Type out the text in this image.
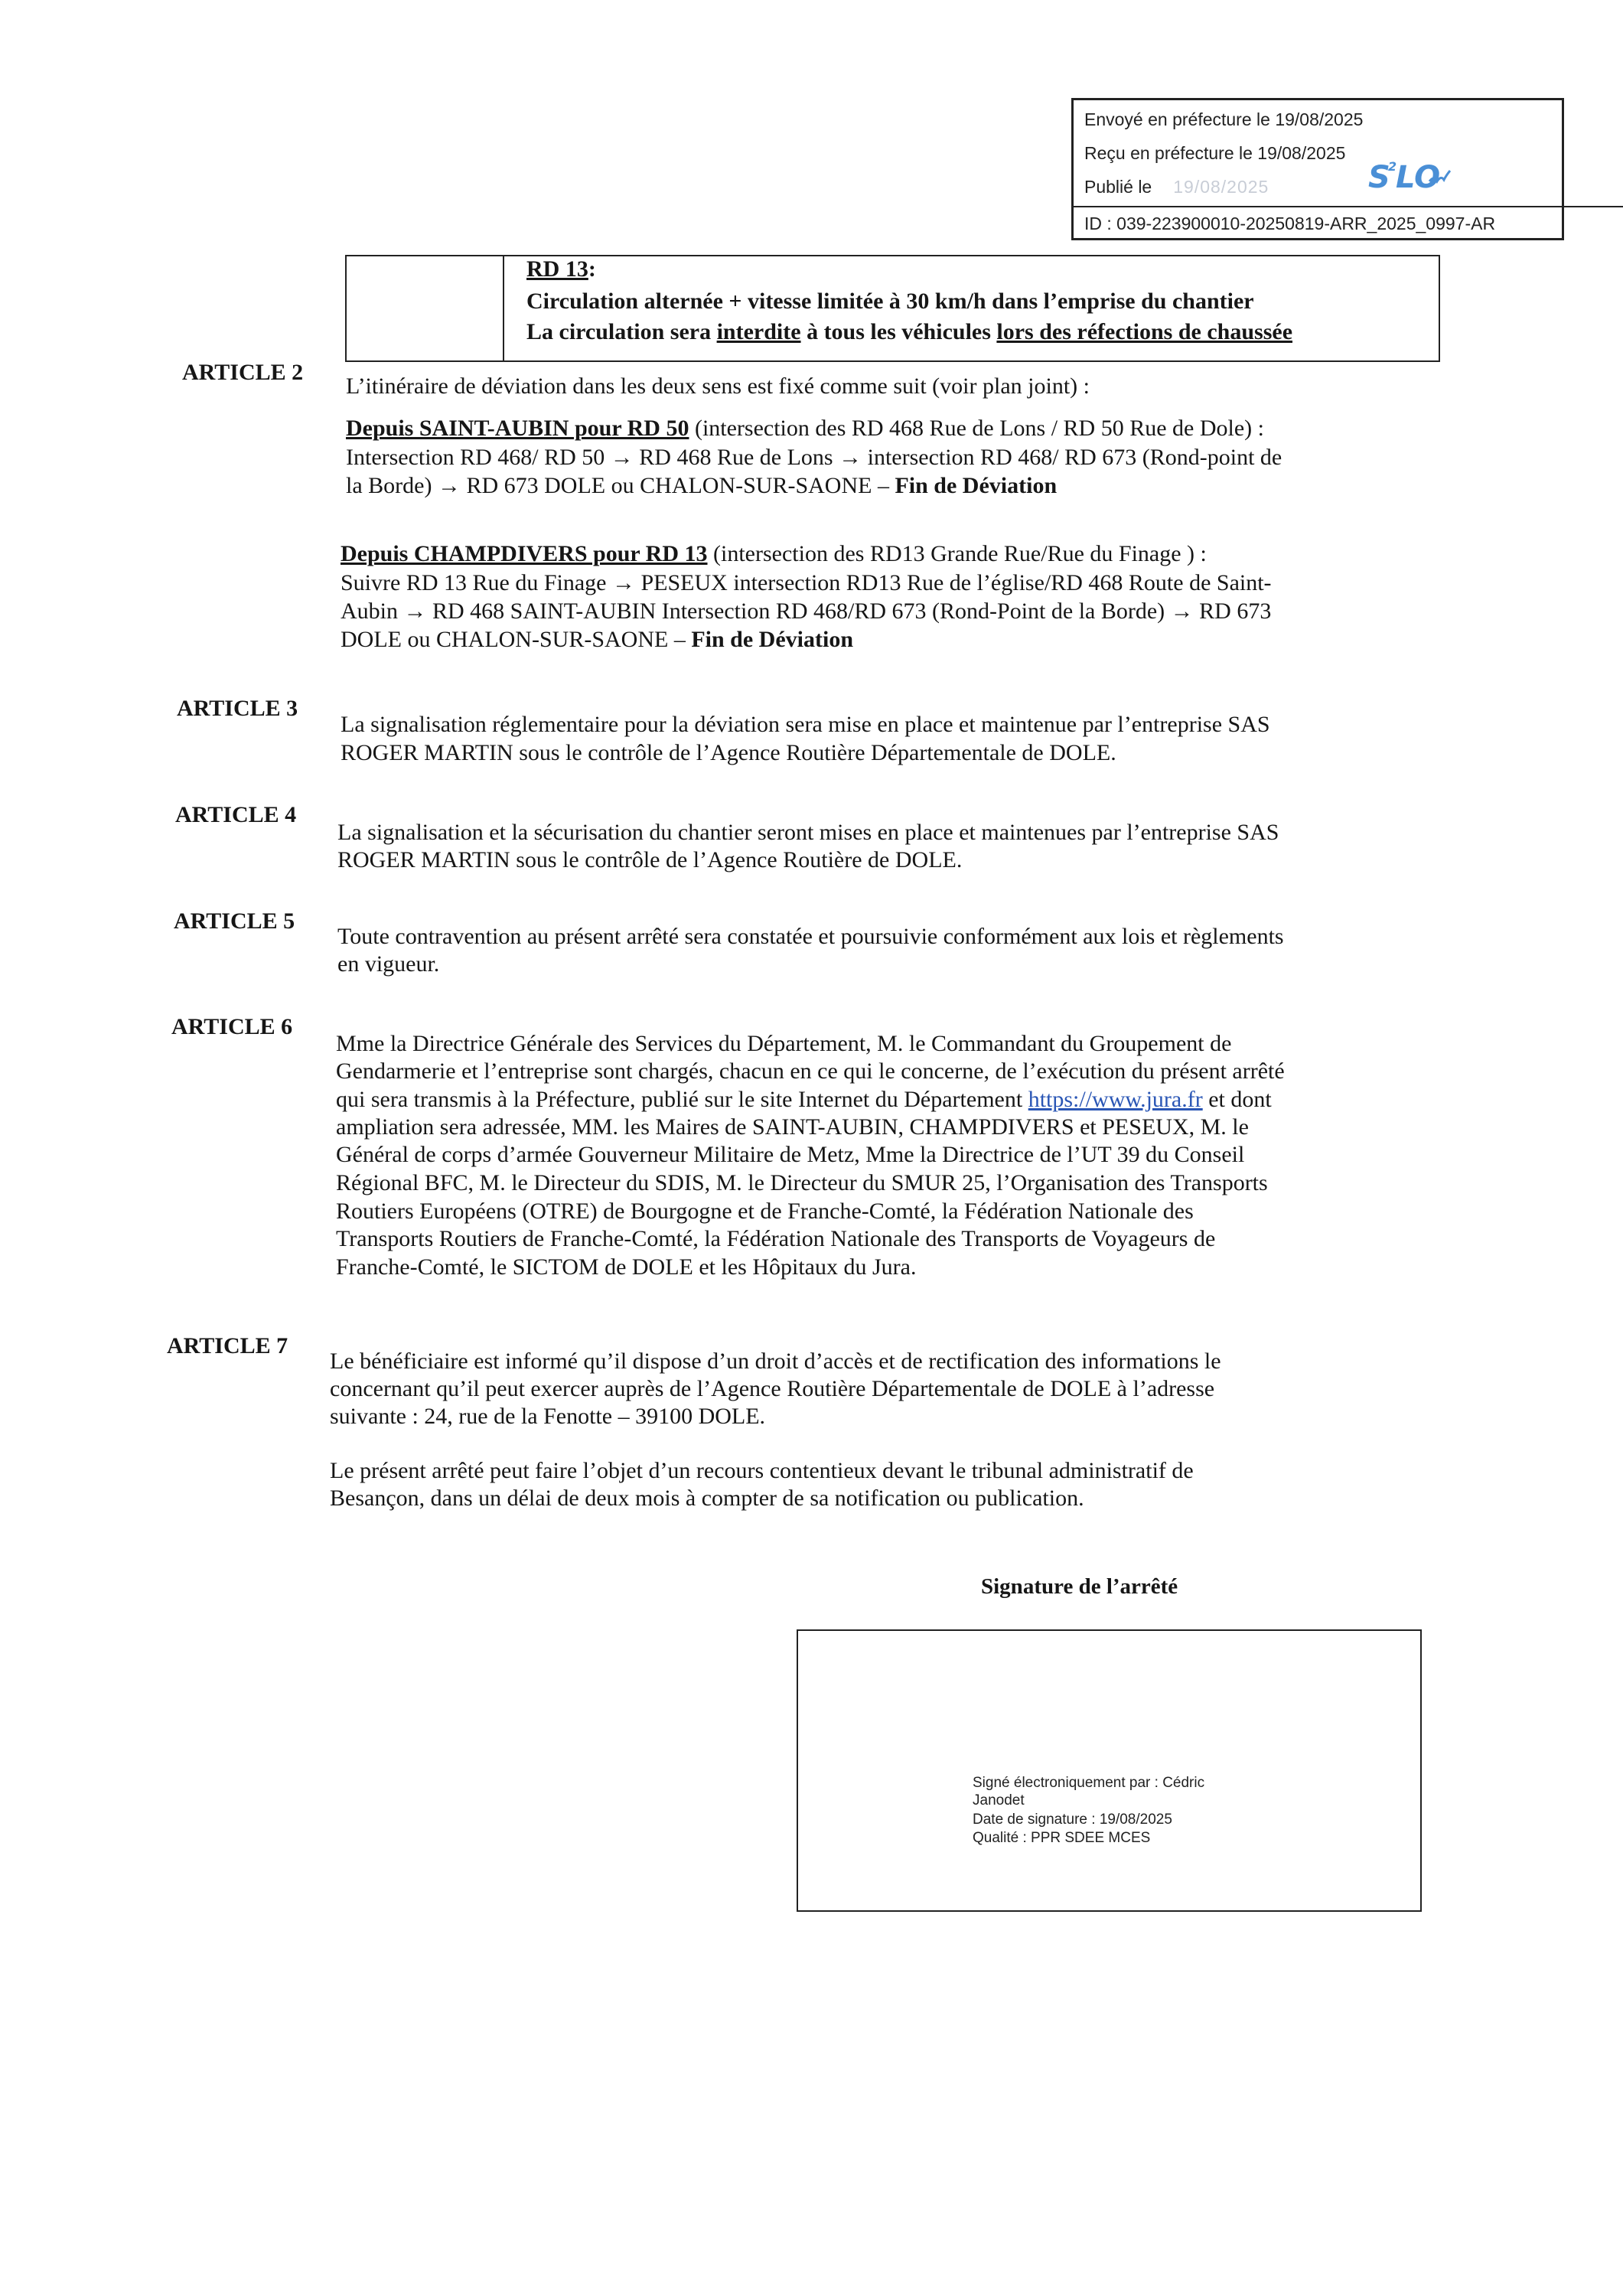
Envoyé en préfecture le 19/08/2025
Reçu en préfecture le 19/08/2025
Publié le 19/08/2025
ID : 039-223900010-20250819-ARR_2025_0997-AR
S
2
LO
RD 13:
Circulation alternée + vitesse limitée à 30 km/h dans l’emprise du chantier
La circulation sera interdite à tous les véhicules lors des réfections de chaussée
ARTICLE 2
L’itinéraire de déviation dans les deux sens est fixé comme suit (voir plan joint) :
Depuis SAINT-AUBIN pour RD 50 (intersection des RD 468 Rue de Lons / RD 50 Rue de Dole) :
Intersection RD 468/ RD 50 → RD 468 Rue de Lons → intersection RD 468/ RD 673 (Rond-point de
la Borde) → RD 673 DOLE ou CHALON-SUR-SAONE – Fin de Déviation
Depuis CHAMPDIVERS pour RD 13 (intersection des RD13 Grande Rue/Rue du Finage ) :
Suivre RD 13 Rue du Finage → PESEUX intersection RD13 Rue de l’église/RD 468 Route de Saint-
Aubin → RD 468 SAINT-AUBIN Intersection RD 468/RD 673 (Rond-Point de la Borde) → RD 673
DOLE ou CHALON-SUR-SAONE – Fin de Déviation
ARTICLE 3
La signalisation réglementaire pour la déviation sera mise en place et maintenue par l’entreprise SAS
ROGER MARTIN sous le contrôle de l’Agence Routière Départementale de DOLE.
ARTICLE 4
La signalisation et la sécurisation du chantier seront mises en place et maintenues par l’entreprise SAS
ROGER MARTIN sous le contrôle de l’Agence Routière de DOLE.
ARTICLE 5
Toute contravention au présent arrêté sera constatée et poursuivie conformément aux lois et règlements
en vigueur.
ARTICLE 6
Mme la Directrice Générale des Services du Département, M. le Commandant du Groupement de
Gendarmerie et l’entreprise sont chargés, chacun en ce qui le concerne, de l’exécution du présent arrêté
qui sera transmis à la Préfecture, publié sur le site Internet du Département https://www.jura.fr et dont
ampliation sera adressée, MM. les Maires de SAINT-AUBIN, CHAMPDIVERS et PESEUX, M. le
Général de corps d’armée Gouverneur Militaire de Metz, Mme la Directrice de l’UT 39 du Conseil
Régional BFC, M. le Directeur du SDIS, M. le Directeur du SMUR 25, l’Organisation des Transports
Routiers Européens (OTRE) de Bourgogne et de Franche-Comté, la Fédération Nationale des
Transports Routiers de Franche-Comté, la Fédération Nationale des Transports de Voyageurs de
Franche-Comté, le SICTOM de DOLE et les Hôpitaux du Jura.
ARTICLE 7
Le bénéficiaire est informé qu’il dispose d’un droit d’accès et de rectification des informations le
concernant qu’il peut exercer auprès de l’Agence Routière Départementale de DOLE à l’adresse
suivante : 24, rue de la Fenotte – 39100 DOLE.
Le présent arrêté peut faire l’objet d’un recours contentieux devant le tribunal administratif de
Besançon, dans un délai de deux mois à compter de sa notification ou publication.
Signature de l’arrêté
Signé électroniquement par : Cédric
Janodet
Date de signature : 19/08/2025
Qualité : PPR SDEE MCES
